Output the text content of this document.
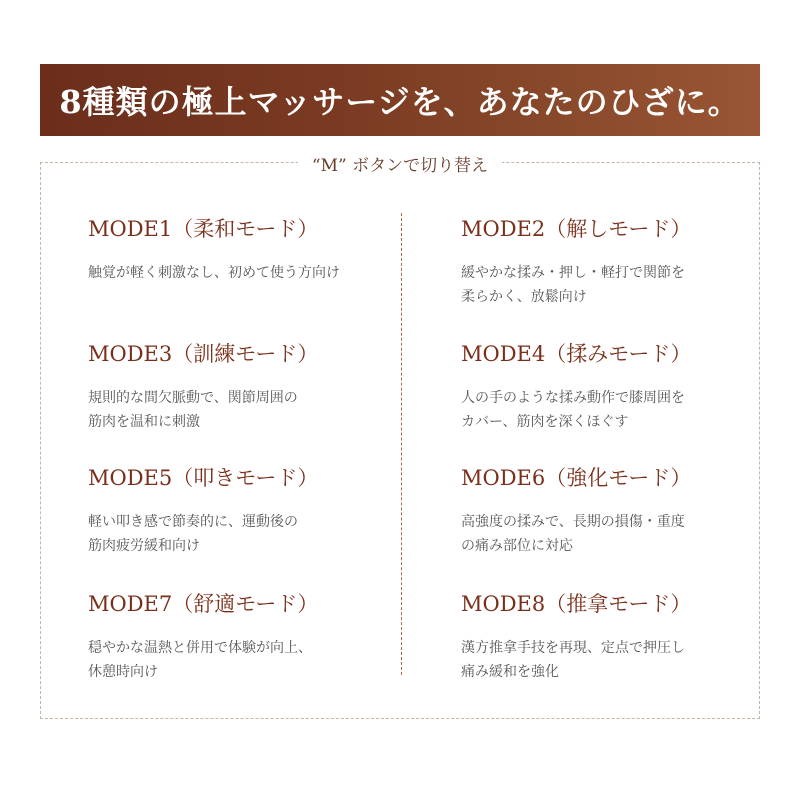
8種類の極上マッサージを、あなたのひざに。
“M” ボタンで切り替え
MODE1（柔和モード）
触覚が軽く刺激なし、初めて使う方向け
MODE2（解しモード）
緩やかな揉み・押し・軽打で関節を
柔らかく、放鬆向け
MODE3（訓練モード）
規則的な間欠脈動で、関節周囲の
筋肉を温和に刺激
MODE4（揉みモード）
人の手のような揉み動作で膝周囲を
カバー、筋肉を深くほぐす
MODE5（叩きモード）
軽い叩き感で節奏的に、運動後の
筋肉疲労緩和向け
MODE6（強化モード）
高強度の揉みで、長期の損傷・重度
の痛み部位に対応
MODE7（舒適モード）
穏やかな温熱と併用で体験が向上、
休憩時向け
MODE8（推拿モード）
漢方推拿手技を再現、定点で押圧し
痛み緩和を強化
